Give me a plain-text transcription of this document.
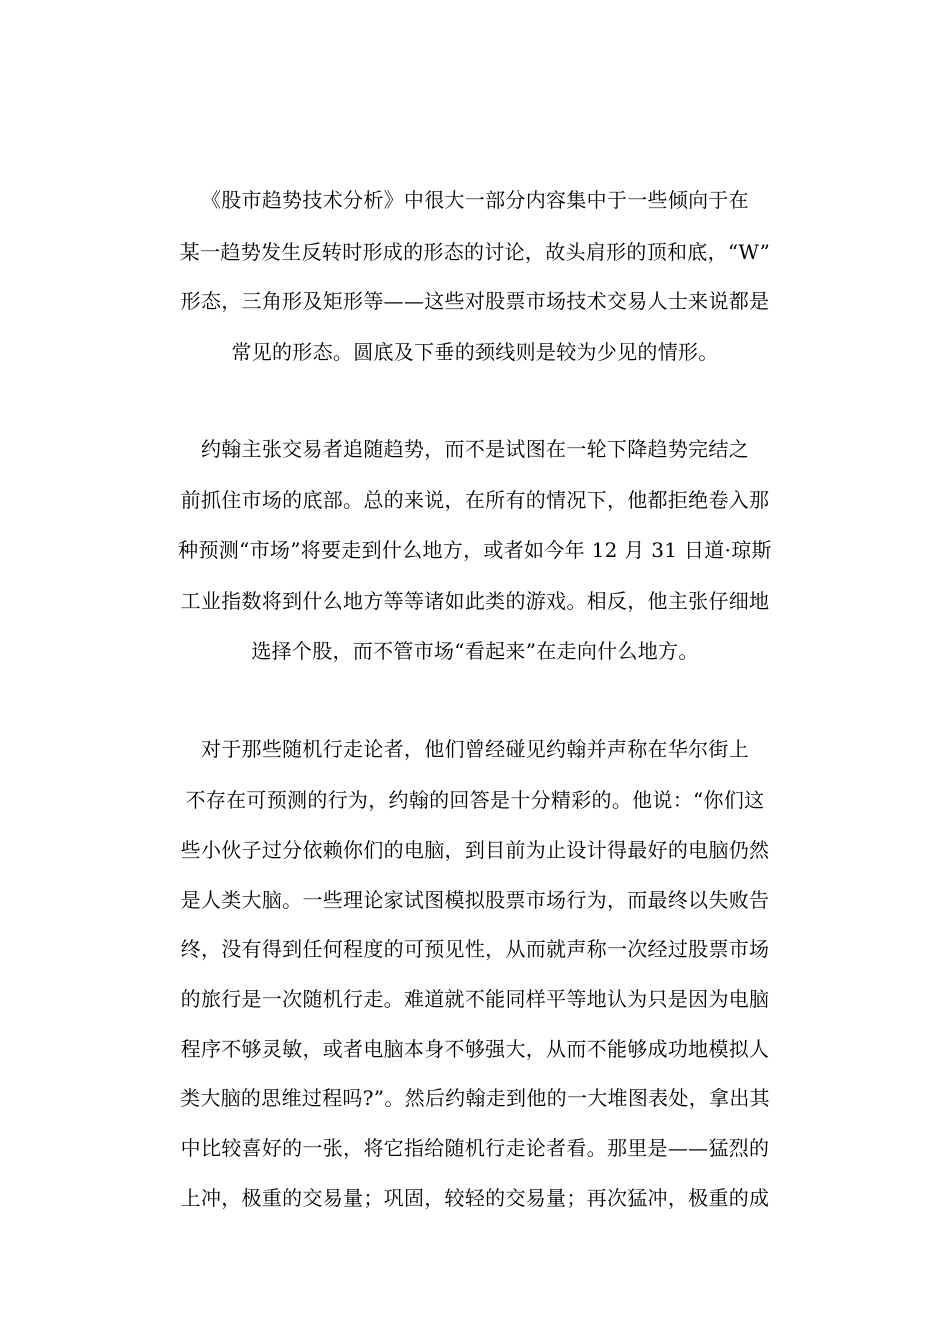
《股市趋势技术分析》中很大一部分内容集中于一些倾向于在
某一趋势发生反转时形成的形态的讨论，故头肩形的顶和底，“W”
形态，三角形及矩形等——这些对股票市场技术交易人士来说都是
常见的形态。圆底及下垂的颈线则是较为少见的情形。
约翰主张交易者追随趋势，而不是试图在一轮下降趋势完结之
前抓住市场的底部。总的来说，在所有的情况下，他都拒绝卷入那
种预测“市场”将要走到什么地方，或者如今年 12 月 31 日道·琼斯
工业指数将到什么地方等等诸如此类的游戏。相反，他主张仔细地
选择个股，而不管市场“看起来”在走向什么地方。
对于那些随机行走论者，他们曾经碰见约翰并声称在华尔街上
不存在可预测的行为，约翰的回答是十分精彩的。他说：“你们这
些小伙子过分依赖你们的电脑，到目前为止设计得最好的电脑仍然
是人类大脑。一些理论家试图模拟股票市场行为，而最终以失败告
终，没有得到任何程度的可预见性，从而就声称一次经过股票市场
的旅行是一次随机行走。难道就不能同样平等地认为只是因为电脑
程序不够灵敏，或者电脑本身不够强大，从而不能够成功地模拟人
类大脑的思维过程吗?”。然后约翰走到他的一大堆图表处，拿出其
中比较喜好的一张，将它指给随机行走论者看。那里是——猛烈的
上冲，极重的交易量；巩固，较轻的交易量；再次猛冲，极重的成
